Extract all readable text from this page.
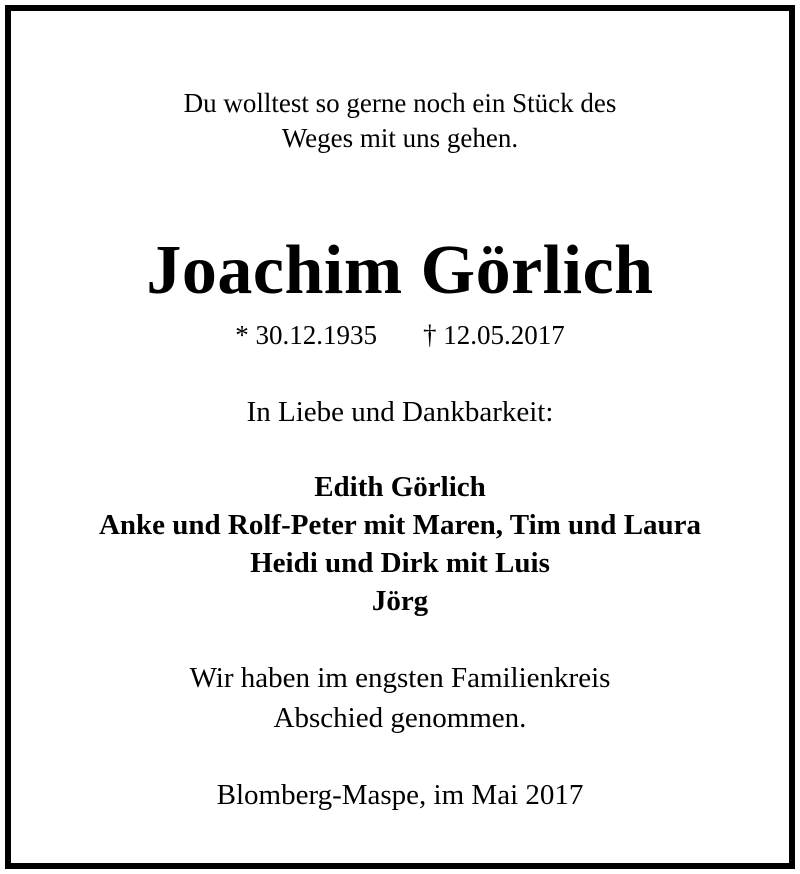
Du wolltest so gerne noch ein Stück des
Weges mit uns gehen.
Joachim Görlich
* 30.12.1935 † 12.05.2017
In Liebe und Dankbarkeit:
Edith Görlich
Anke und Rolf-Peter mit Maren, Tim und Laura
Heidi und Dirk mit Luis
Jörg
Wir haben im engsten Familienkreis
Abschied genommen.
Blomberg-Maspe, im Mai 2017
